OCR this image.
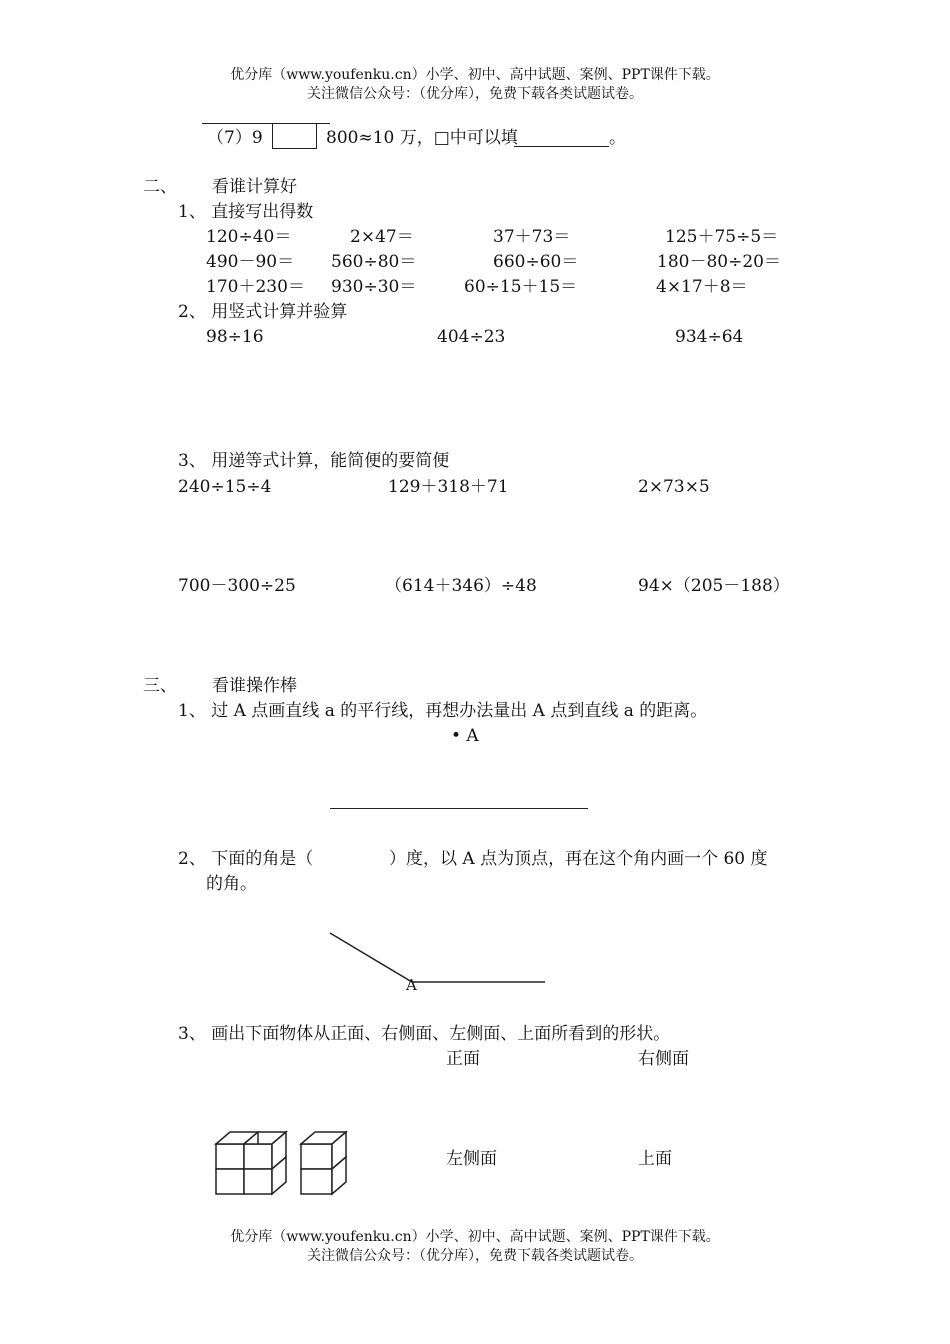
优分库（www.youfenku.cn）小学、初中、高中试题、案例、PPT课件下载。
关注微信公众号：（优分库），免费下载各类试题试卷。
（7）9	800≈10 万，□中可以填	。
二、 看谁计算好
1、 直接写出得数
120÷40＝	2×47＝	37＋73＝	125＋75÷5＝
490－90＝ 560÷80＝	660÷60＝	180－80÷20＝
170＋230＝ 930÷30＝	60÷15＋15＝	4×17＋8＝
2、 用竖式计算并验算
98÷16	404÷23	934÷64
3、 用递等式计算，能简便的要简便
240÷15÷4	129＋318＋71	2×73×5
700－300÷25	（614＋346）÷48	94×（205－188）
三、 看谁操作棒
1、 过 A 点画直线 a 的平行线，再想办法量出 A 点到直线 a 的距离。
• A
2、 下面的角是（	）度，以 A 点为顶点，再在这个角内画一个 60 度
的角。
A
3、 画出下面物体从正面、右侧面、左侧面、上面所看到的形状。
正面	右侧面
左侧面	上面
优分库（www.youfenku.cn）小学、初中、高中试题、案例、PPT课件下载。
关注微信公众号：（优分库），免费下载各类试题试卷。
